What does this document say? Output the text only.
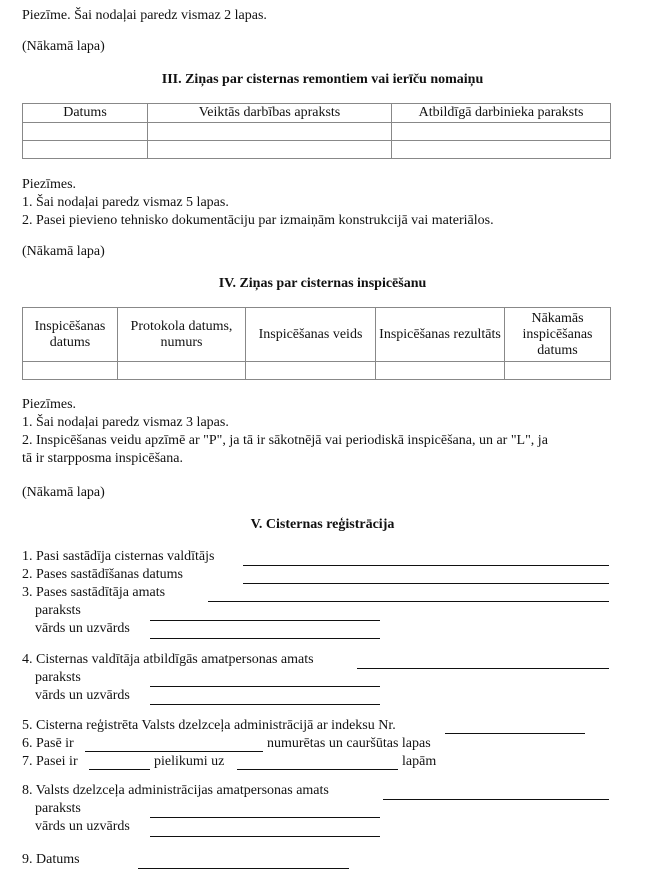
Piezīme. Šai nodaļai paredz vismaz 2 lapas.
(Nākamā lapa)
III. Ziņas par cisternas remontiem vai ierīču nomaiņu
Datums	Veiktās darbības apraksts	Atbildīgā darbinieka paraksts

Piezīmes.
1. Šai nodaļai paredz vismaz 5 lapas.
2. Pasei pievieno tehnisko dokumentāciju par izmaiņām konstrukcijā vai materiālos.
(Nākamā lapa)
IV. Ziņas par cisternas inspicēšanu
Inspicēšanas datums	Protokola datums, numurs	Inspicēšanas veids	Inspicēšanas rezultāts	Nākamās inspicēšanas datums

Piezīmes.
1. Šai nodaļai paredz vismaz 3 lapas.
2. Inspicēšanas veidu apzīmē ar "P", ja tā ir sākotnējā vai periodiskā inspicēšana, un ar "L", ja
tā ir starpposma inspicēšana.
(Nākamā lapa)
V. Cisternas reģistrācija
1. Pasi sastādīja cisternas valdītājs
2. Pases sastādīšanas datums
3. Pases sastādītāja amats
paraksts
vārds un uzvārds
4. Cisternas valdītāja atbildīgās amatpersonas amats
paraksts
vārds un uzvārds
5. Cisterna reģistrēta Valsts dzelzceļa administrācijā ar indeksu Nr.
6. Pasē ir	numurētas un cauršūtas lapas
7. Pasei ir	pielikumi uz	lapām
8. Valsts dzelzceļa administrācijas amatpersonas amats
paraksts
vārds un uzvārds
9. Datums
